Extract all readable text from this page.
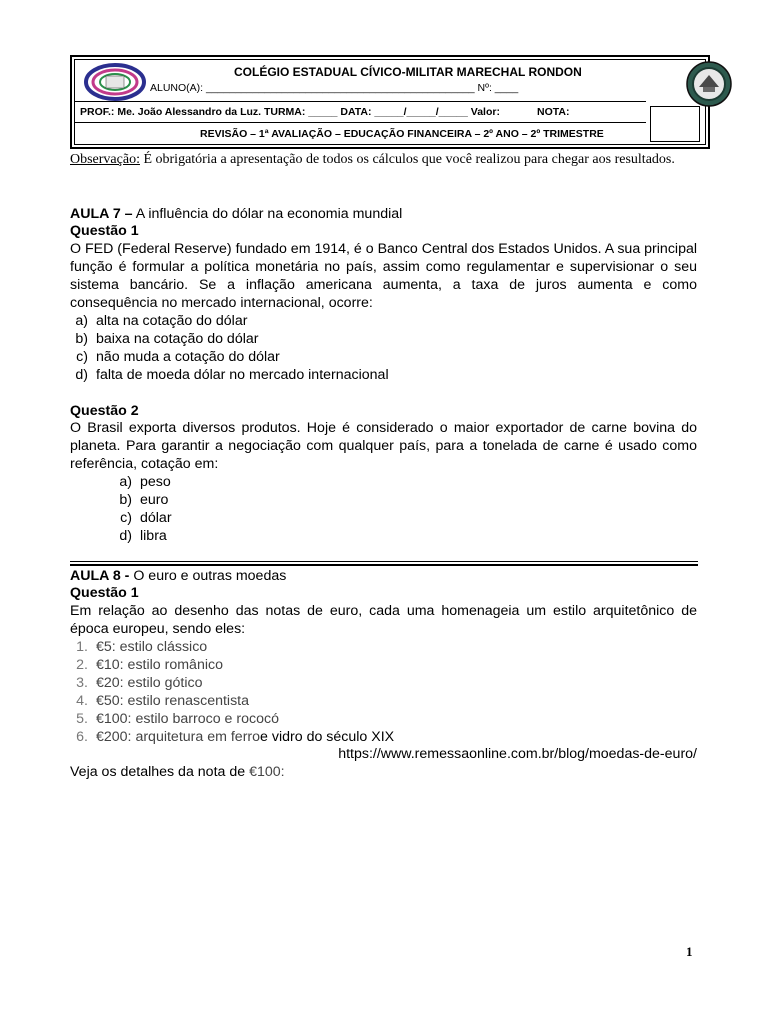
COLÉGIO ESTADUAL CÍVICO-MILITAR MARECHAL RONDON
ALUNO(A): ______________________________________________ Nº: ____
PROF.: Me. João Alessandro da Luz. TURMA: _____ DATA: _____/_____/_____ Valor:	NOTA:
REVISÃO – 1ª AVALIAÇÃO – EDUCAÇÃO FINANCEIRA – 2º ANO – 2º TRIMESTRE
Observação: É obrigatória a apresentação de todos os cálculos que você realizou para chegar aos resultados.
AULA 7 – A influência do dólar na economia mundial
Questão 1
O FED (Federal Reserve) fundado em 1914, é o Banco Central dos Estados Unidos. A sua principal função é formular a política monetária no país, assim como regulamentar e supervisionar o seu sistema bancário. Se a inflação americana aumenta, a taxa de juros aumenta e como consequência no mercado internacional, ocorre:
a) alta na cotação do dólar
b) baixa na cotação do dólar
c) não muda a cotação do dólar
d) falta de moeda dólar no mercado internacional
Questão 2
O Brasil exporta diversos produtos. Hoje é considerado o maior exportador de carne bovina do planeta. Para garantir a negociação com qualquer país, para a tonelada de carne é usado como referência, cotação em:
a) peso
b) euro
c) dólar
d) libra
AULA 8 - O euro e outras moedas
Questão 1
Em relação ao desenho das notas de euro, cada uma homenageia um estilo arquitetônico de época europeu, sendo eles:
1. €5: estilo clássico
2. €10: estilo românico
3. €20: estilo gótico
4. €50: estilo renascentista
5. €100: estilo barroco e rococó
6. €200: arquitetura em ferro e vidro do século XIX
https://www.remessaonline.com.br/blog/moedas-de-euro/
Veja os detalhes da nota de €100:
1
